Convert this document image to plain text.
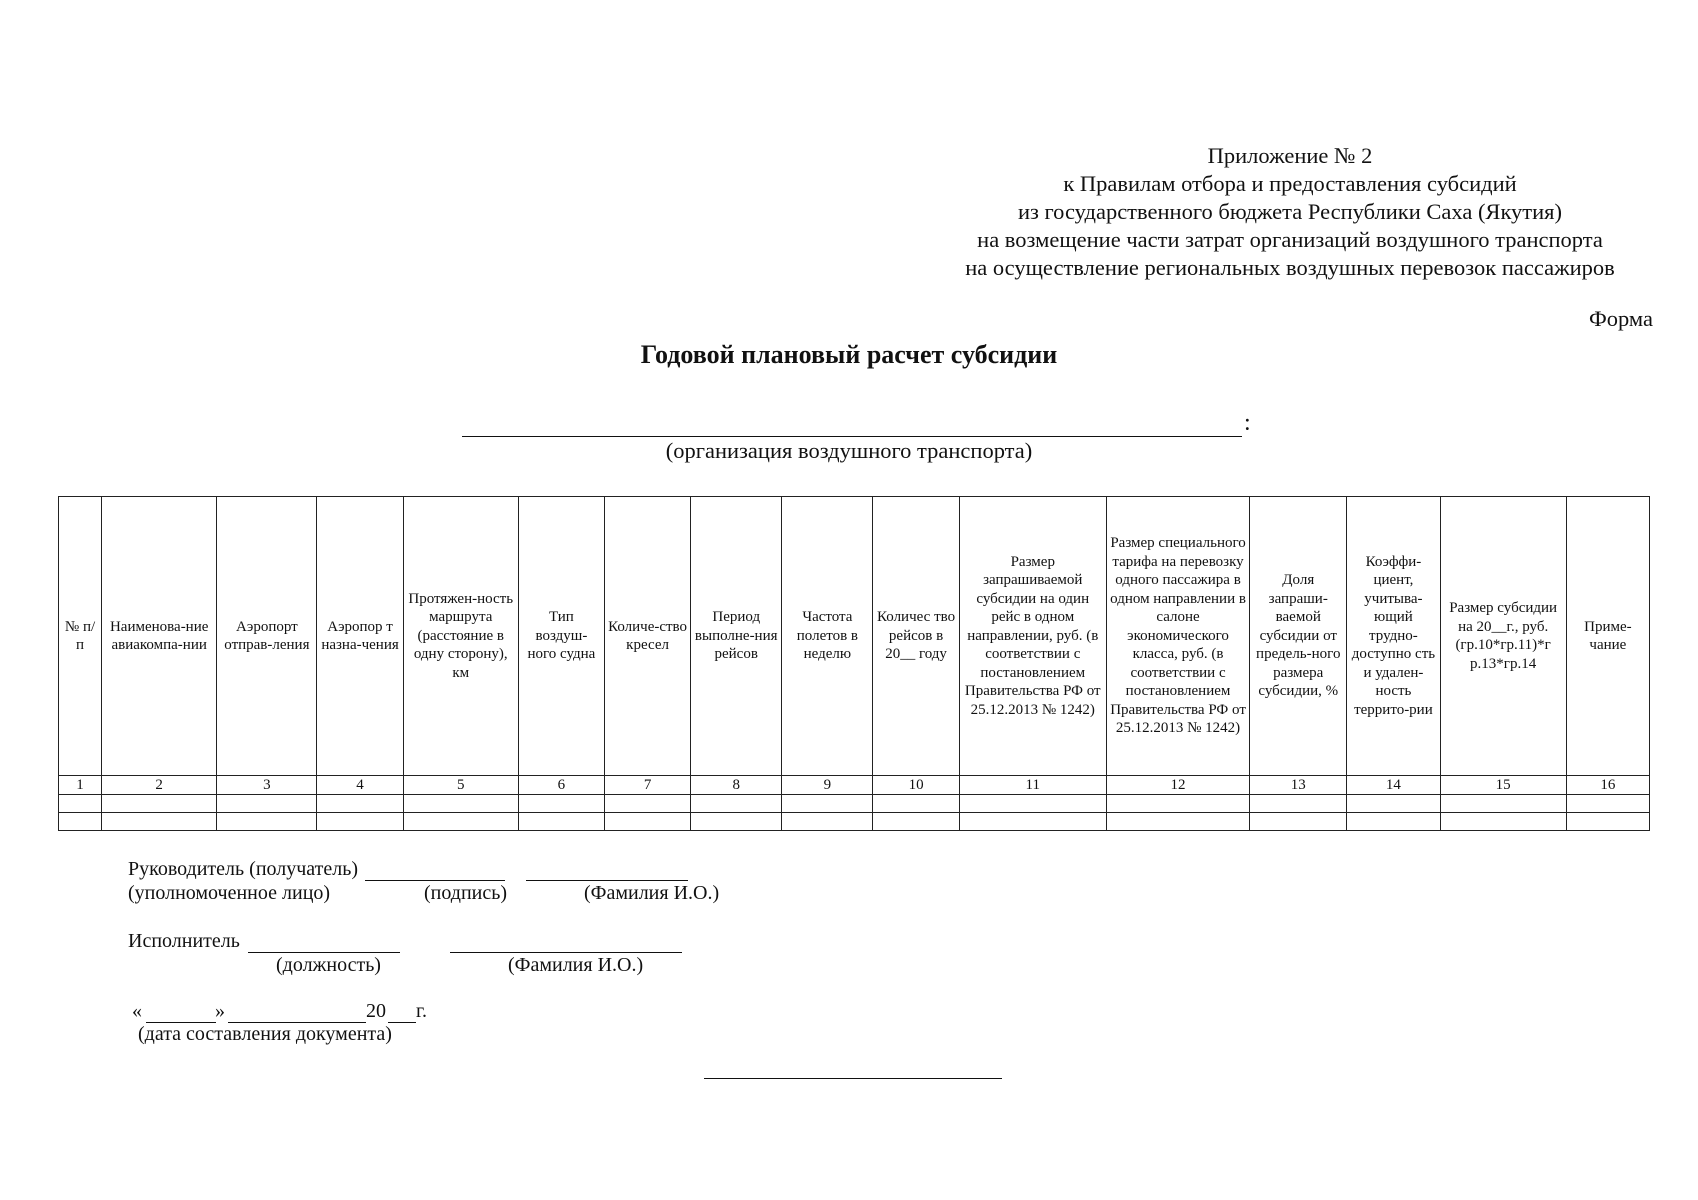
Приложение № 2
к Правилам отбора и предоставления субсидий
из государственного бюджета Республики Саха (Якутия)
на возмещение части затрат организаций воздушного транспорта
на осуществление региональных воздушных перевозок пассажиров
Форма
Годовой плановый расчет субсидии
:
(организация воздушного транспорта)
№ п/ п	Наименова-ние авиакомпа-нии	Аэропорт отправ-ления	Аэропор т назна-чения	Протяжен-ность маршрута (расстояние в одну сторону), км	Тип воздуш-ного судна	Количе-ство кресел	Период выполне-ния рейсов	Частота полетов в неделю	Количес тво рейсов в 20__ году	Размер запрашиваемой субсидии на один рейс в одном направлении, руб. (в соответствии с постановлением Правительства РФ от 25.12.2013 № 1242)	Размер специального тарифа на перевозку одного пассажира в одном направлении в салоне экономического класса, руб. (в соответствии с постановлением Правительства РФ от 25.12.2013 № 1242)	Доля запраши-ваемой субсидии от предель-ного размера субсидии, %	Коэффи-циент, учитыва-ющий трудно-доступно сть и удален-ность террито-рии	Размер субсидии на 20__г., руб. (гр.10*гр.11)*г р.13*гр.14	Приме-чание
1	2	3	4	5	6	7	8	9	10	11	12	13	14	15	16

Руководитель (получатель)
(уполномоченное лицо)	(подпись)	(Фамилия И.О.)
Исполнитель
(должность)	(Фамилия И.О.)
«	»	20 г.
(дата составления документа)
